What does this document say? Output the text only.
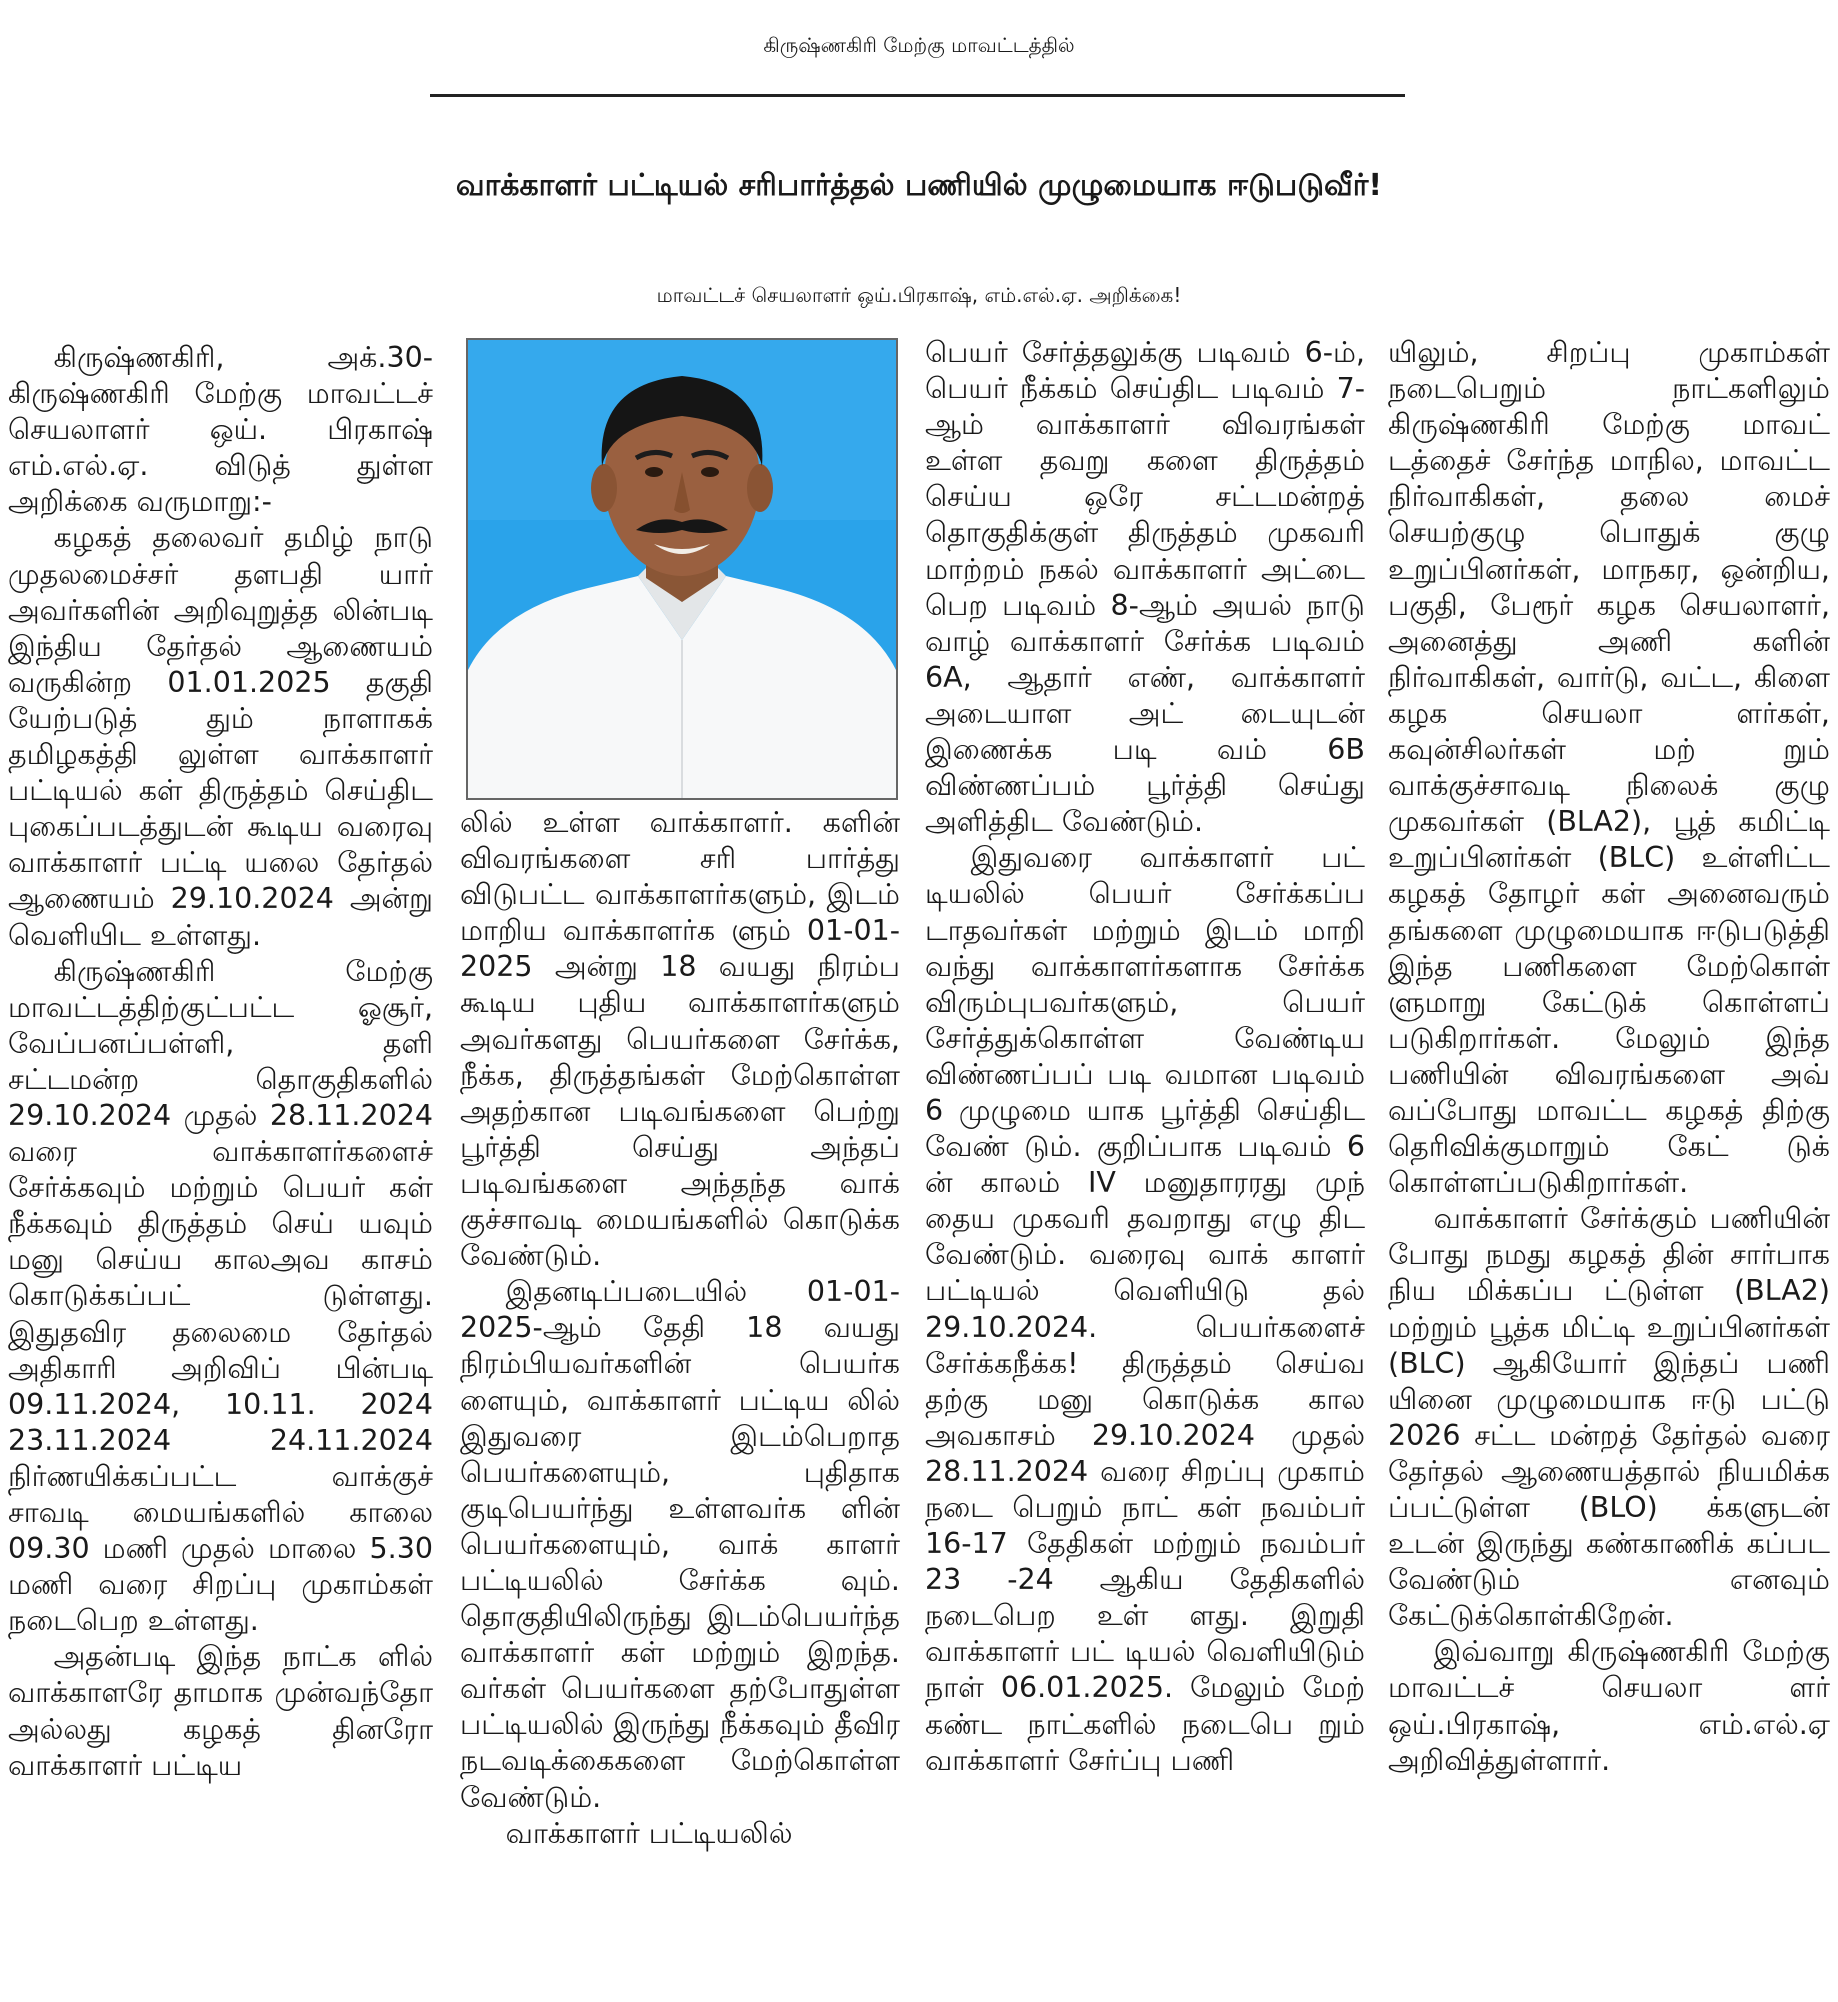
கிருஷ்ணகிரி மேற்கு மாவட்டத்தில்
வாக்காளர் பட்டியல் சரிபார்த்தல் பணியில் முழுமையாக ஈடுபடுவீர்!
மாவட்டச் செயலாளர் ஒய்.பிரகாஷ், எம்.எல்.ஏ. அறிக்கை!

கிருஷ்ணகிரி, அக்.30- கிருஷ்ணகிரி மேற்கு மாவட்டச் செயலாளர் ஒய். பிரகாஷ் எம்.எல்.ஏ. விடுத் துள்ள அறிக்கை வருமாறு:-

கழகத் தலைவர் தமிழ் நாடு முதலமைச்சர் தளபதி யார் அவர்களின் அறிவுறுத்த லின்படி இந்திய தேர்தல் ஆணையம் வருகின்ற 01.01.2025 தகுதி யேற்படுத் தும் நாளாகக் தமிழகத்தி லுள்ள வாக்காளர் பட்டியல் கள் திருத்தம் செய்திட புகைப்படத்துடன் கூடிய வரைவு வாக்காளர் பட்டி யலை தேர்தல் ஆணையம் 29.10.2024 அன்று வெளியிட உள்ளது.

கிருஷ்ணகிரி மேற்கு மாவட்டத்திற்குட்பட்ட ஓசூர், வேப்பனப்பள்ளி, தளி சட்டமன்ற தொகுதிகளில் 29.10.2024 முதல் 28.11.2024 வரை வாக்காளர்களைச் சேர்க்கவும் மற்றும் பெயர் கள் நீக்கவும் திருத்தம் செய் யவும் மனு செய்ய காலஅவ காசம் கொடுக்கப்பட் டுள்ளது. இதுதவிர தலைமை தேர்தல் அதிகாரி அறிவிப் பின்படி 09.11.2024, 10.11. 2024 23.11.2024 24.11.2024 நிர்ணயிக்கப்பட்ட வாக்குச் சாவடி மையங்களில் காலை 09.30 மணி முதல் மாலை 5.30 மணி வரை சிறப்பு முகாம்கள் நடைபெற உள்ளது.

அதன்படி இந்த நாட்க ளில் வாக்காளரே தாமாக முன்வந்தோ அல்லது கழகத் தினரோ வாக்காளர் பட்டிய

லில் உள்ள வாக்காளர். களின் விவரங்களை சரி பார்த்து விடுபட்ட வாக்காளர்களும், இடம் மாறிய வாக்காளர்க ளும் 01-01-2025 அன்று 18 வயது நிரம்ப கூடிய புதிய வாக்காளர்களும் அவர்களது பெயர்களை சேர்க்க, நீக்க, திருத்தங்கள் மேற்கொள்ள அதற்கான படிவங்களை பெற்று பூர்த்தி செய்து அந்தப் படிவங்களை அந்தந்த வாக் குச்சாவடி மையங்களில் கொடுக்க வேண்டும்.

இதனடிப்படையில் 01-01-2025-ஆம் தேதி 18 வயது நிரம்பியவர்களின் பெயர்க ளையும், வாக்காளர் பட்டிய லில் இதுவரை இடம்பெறாத பெயர்களையும், புதிதாக குடிபெயர்ந்து உள்ளவர்க ளின் பெயர்களையும், வாக் காளர் பட்டியலில் சேர்க்க வும். தொகுதியிலிருந்து இடம்பெயர்ந்த வாக்காளர் கள் மற்றும் இறந்த. வர்கள் பெயர்களை தற்போதுள்ள பட்டியலில் இருந்து நீக்கவும் தீவிர நடவடிக்கைகளை மேற்கொள்ள வேண்டும்.

வாக்காளர் பட்டியலில்

பெயர் சேர்த்தலுக்கு படிவம் 6-ம், பெயர் நீக்கம் செய்திட படிவம் 7-ஆம் வாக்காளர் விவரங்கள் உள்ள தவறு களை திருத்தம் செய்ய ஒரே சட்டமன்றத் தொகுதிக்குள் திருத்தம் முகவரி மாற்றம் நகல் வாக்காளர் அட்டை பெற படிவம் 8-ஆம் அயல் நாடு வாழ் வாக்காளர் சேர்க்க படிவம் 6A, ஆதார் எண், வாக்காளர் அடையாள அட் டையுடன் இணைக்க படி வம் 6B விண்ணப்பம் பூர்த்தி செய்து அளித்திட வேண்டும்.

இதுவரை வாக்காளர் பட் டியலில் பெயர் சேர்க்கப்ப டாதவர்கள் மற்றும் இடம் மாறி வந்து வாக்காளர்களாக சேர்க்க விரும்புபவர்களும், பெயர் சேர்த்துக்கொள்ள வேண்டிய விண்ணப்பப் படி வமான படிவம் 6 முழுமை யாக பூர்த்தி செய்திட வேண் டும். குறிப்பாக படிவம் 6 ன் காலம் IV மனுதாரரது முந் தைய முகவரி தவறாது எழு திட வேண்டும். வரைவு வாக் காளர் பட்டியல் வெளியிடு தல் 29.10.2024. பெயர்களைச் சேர்க்கநீக்க! திருத்தம் செய்வ தற்கு மனு கொடுக்க கால அவகாசம் 29.10.2024 முதல் 28.11.2024 வரை சிறப்பு முகாம் நடை பெறும் நாட் கள் நவம்பர் 16-17 தேதிகள் மற்றும் நவம்பர் 23 -24 ஆகிய தேதிகளில் நடைபெற உள் ளது. இறுதி வாக்காளர் பட் டியல் வெளியிடும் நாள் 06.01.2025. மேலும் மேற் கண்ட நாட்களில் நடைபெ றும் வாக்காளர் சேர்ப்பு பணி

யிலும், சிறப்பு முகாம்கள் நடைபெறும் நாட்களிலும் கிருஷ்ணகிரி மேற்கு மாவட் டத்தைச் சேர்ந்த மாநில, மாவட்ட நிர்வாகிகள், தலை மைச் செயற்குழு பொதுக் குழு உறுப்பினர்கள், மாநகர, ஒன்றிய, பகுதி, பேரூர் கழக செயலாளர், அனைத்து அணி களின் நிர்வாகிகள், வார்டு, வட்ட, கிளை கழக செயலா ளர்கள், கவுன்சிலர்கள் மற் றும் வாக்குச்சாவடி நிலைக் குழு முகவர்கள் (BLA2), பூத் கமிட்டி உறுப்பினர்கள் (BLC) உள்ளிட்ட கழகத் தோழர் கள் அனைவரும் தங்களை முழுமையாக ஈடுபடுத்தி இந்த பணிகளை மேற்கொள் ளுமாறு கேட்டுக் கொள்ளப் படுகிறார்கள். மேலும் இந்த பணியின் விவரங்களை அவ் வப்போது மாவட்ட கழகத் திற்கு தெரிவிக்குமாறும் கேட் டுக் கொள்ளப்படுகிறார்கள்.

வாக்காளர் சேர்க்கும் பணியின் போது நமது கழகத் தின் சார்பாக நிய மிக்கப்ப ட்டுள்ள (BLA2) மற்றும் பூத்க மிட்டி உறுப்பினர்கள் (BLC) ஆகியோர் இந்தப் பணி யினை முழுமையாக ஈடு பட்டு 2026 சட்ட மன்றத் தேர்தல் வரை தேர்தல் ஆணையத்தால் நியமிக்க ப்பட்டுள்ள (BLO) க்களுடன் உடன் இருந்து கண்காணிக் கப்பட வேண்டும் எனவும் கேட்டுக்கொள்கிறேன்.

இவ்வாறு கிருஷ்ணகிரி மேற்கு மாவட்டச் செயலா ளர் ஒய்.பிரகாஷ், எம்.எல்.ஏ அறிவித்துள்ளார்.
